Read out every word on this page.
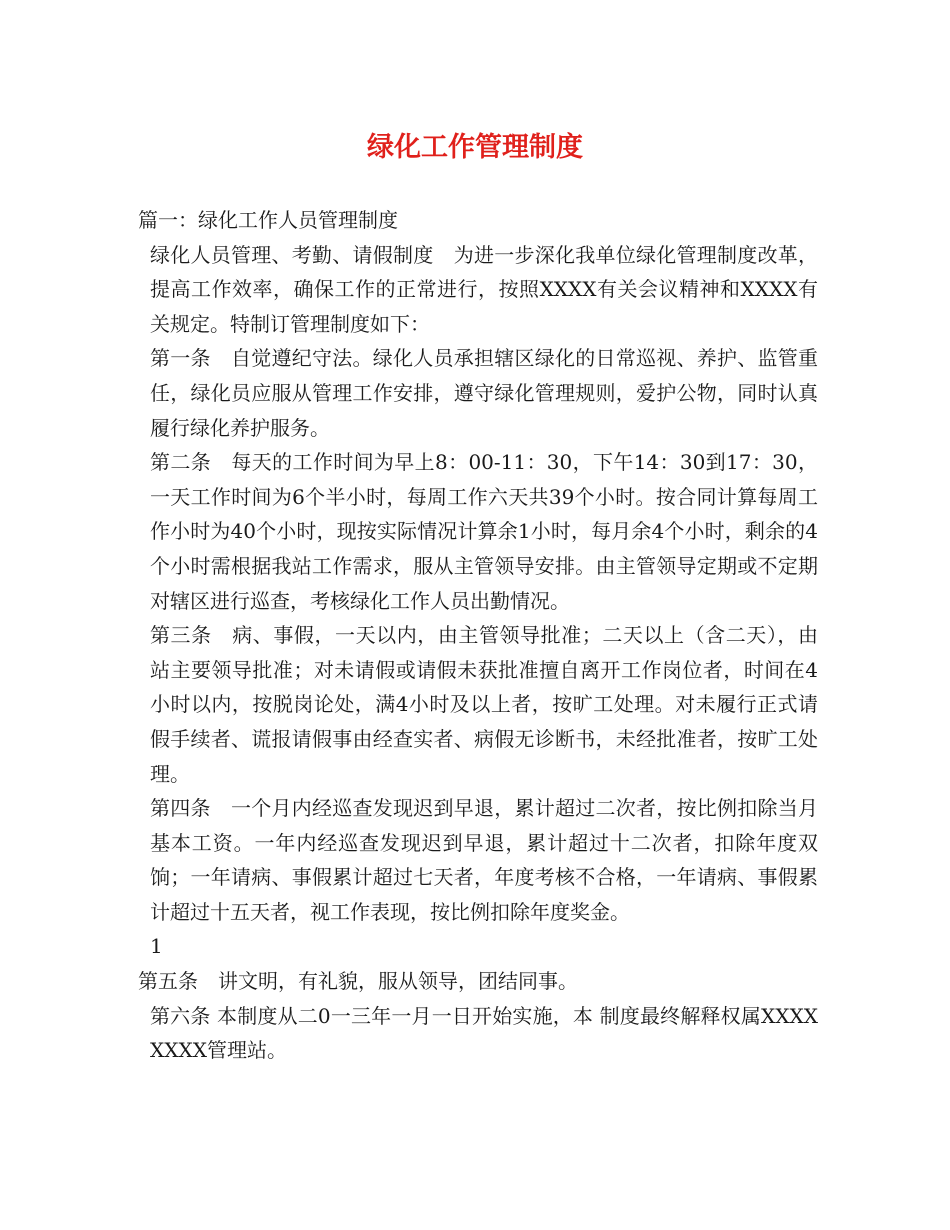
绿化工作管理制度

篇一：绿化工作人员管理制度

绿化人员管理、考勤、请假制度　为进一步深化我单位绿化管理制度改革，提高工作效率，确保工作的正常进行，按照XXXX有关会议精神和XXXX有关规定。特制订管理制度如下：

第一条　自觉遵纪守法。绿化人员承担辖区绿化的日常巡视、养护、监管重任，绿化员应服从管理工作安排，遵守绿化管理规则，爱护公物，同时认真履行绿化养护服务。

第二条　每天的工作时间为早上8：00-11：30，下午14：30到17：30，一天工作时间为6个半小时，每周工作六天共39个小时。按合同计算每周工作小时为40个小时，现按实际情况计算余1小时，每月余4个小时，剩余的4个小时需根据我站工作需求，服从主管领导安排。由主管领导定期或不定期对辖区进行巡查，考核绿化工作人员出勤情况。

第三条　病、事假，一天以内，由主管领导批准；二天以上（含二天），由站主要领导批准；对未请假或请假未获批准擅自离开工作岗位者，时间在4小时以内，按脱岗论处，满4小时及以上者，按旷工处理。对未履行正式请假手续者、谎报请假事由经查实者、病假无诊断书，未经批准者，按旷工处理。

第四条　一个月内经巡查发现迟到早退，累计超过二次者，按比例扣除当月基本工资。一年内经巡查发现迟到早退，累计超过十二次者，扣除年度双饷；一年请病、事假累计超过七天者，年度考核不合格，一年请病、事假累计超过十五天者，视工作表现，按比例扣除年度奖金。

1

第五条　讲文明，有礼貌，服从领导，团结同事。

第六条 本制度从二0一三年一月一日开始实施，本 制度最终解释权属XXXXXXXX管理站。
